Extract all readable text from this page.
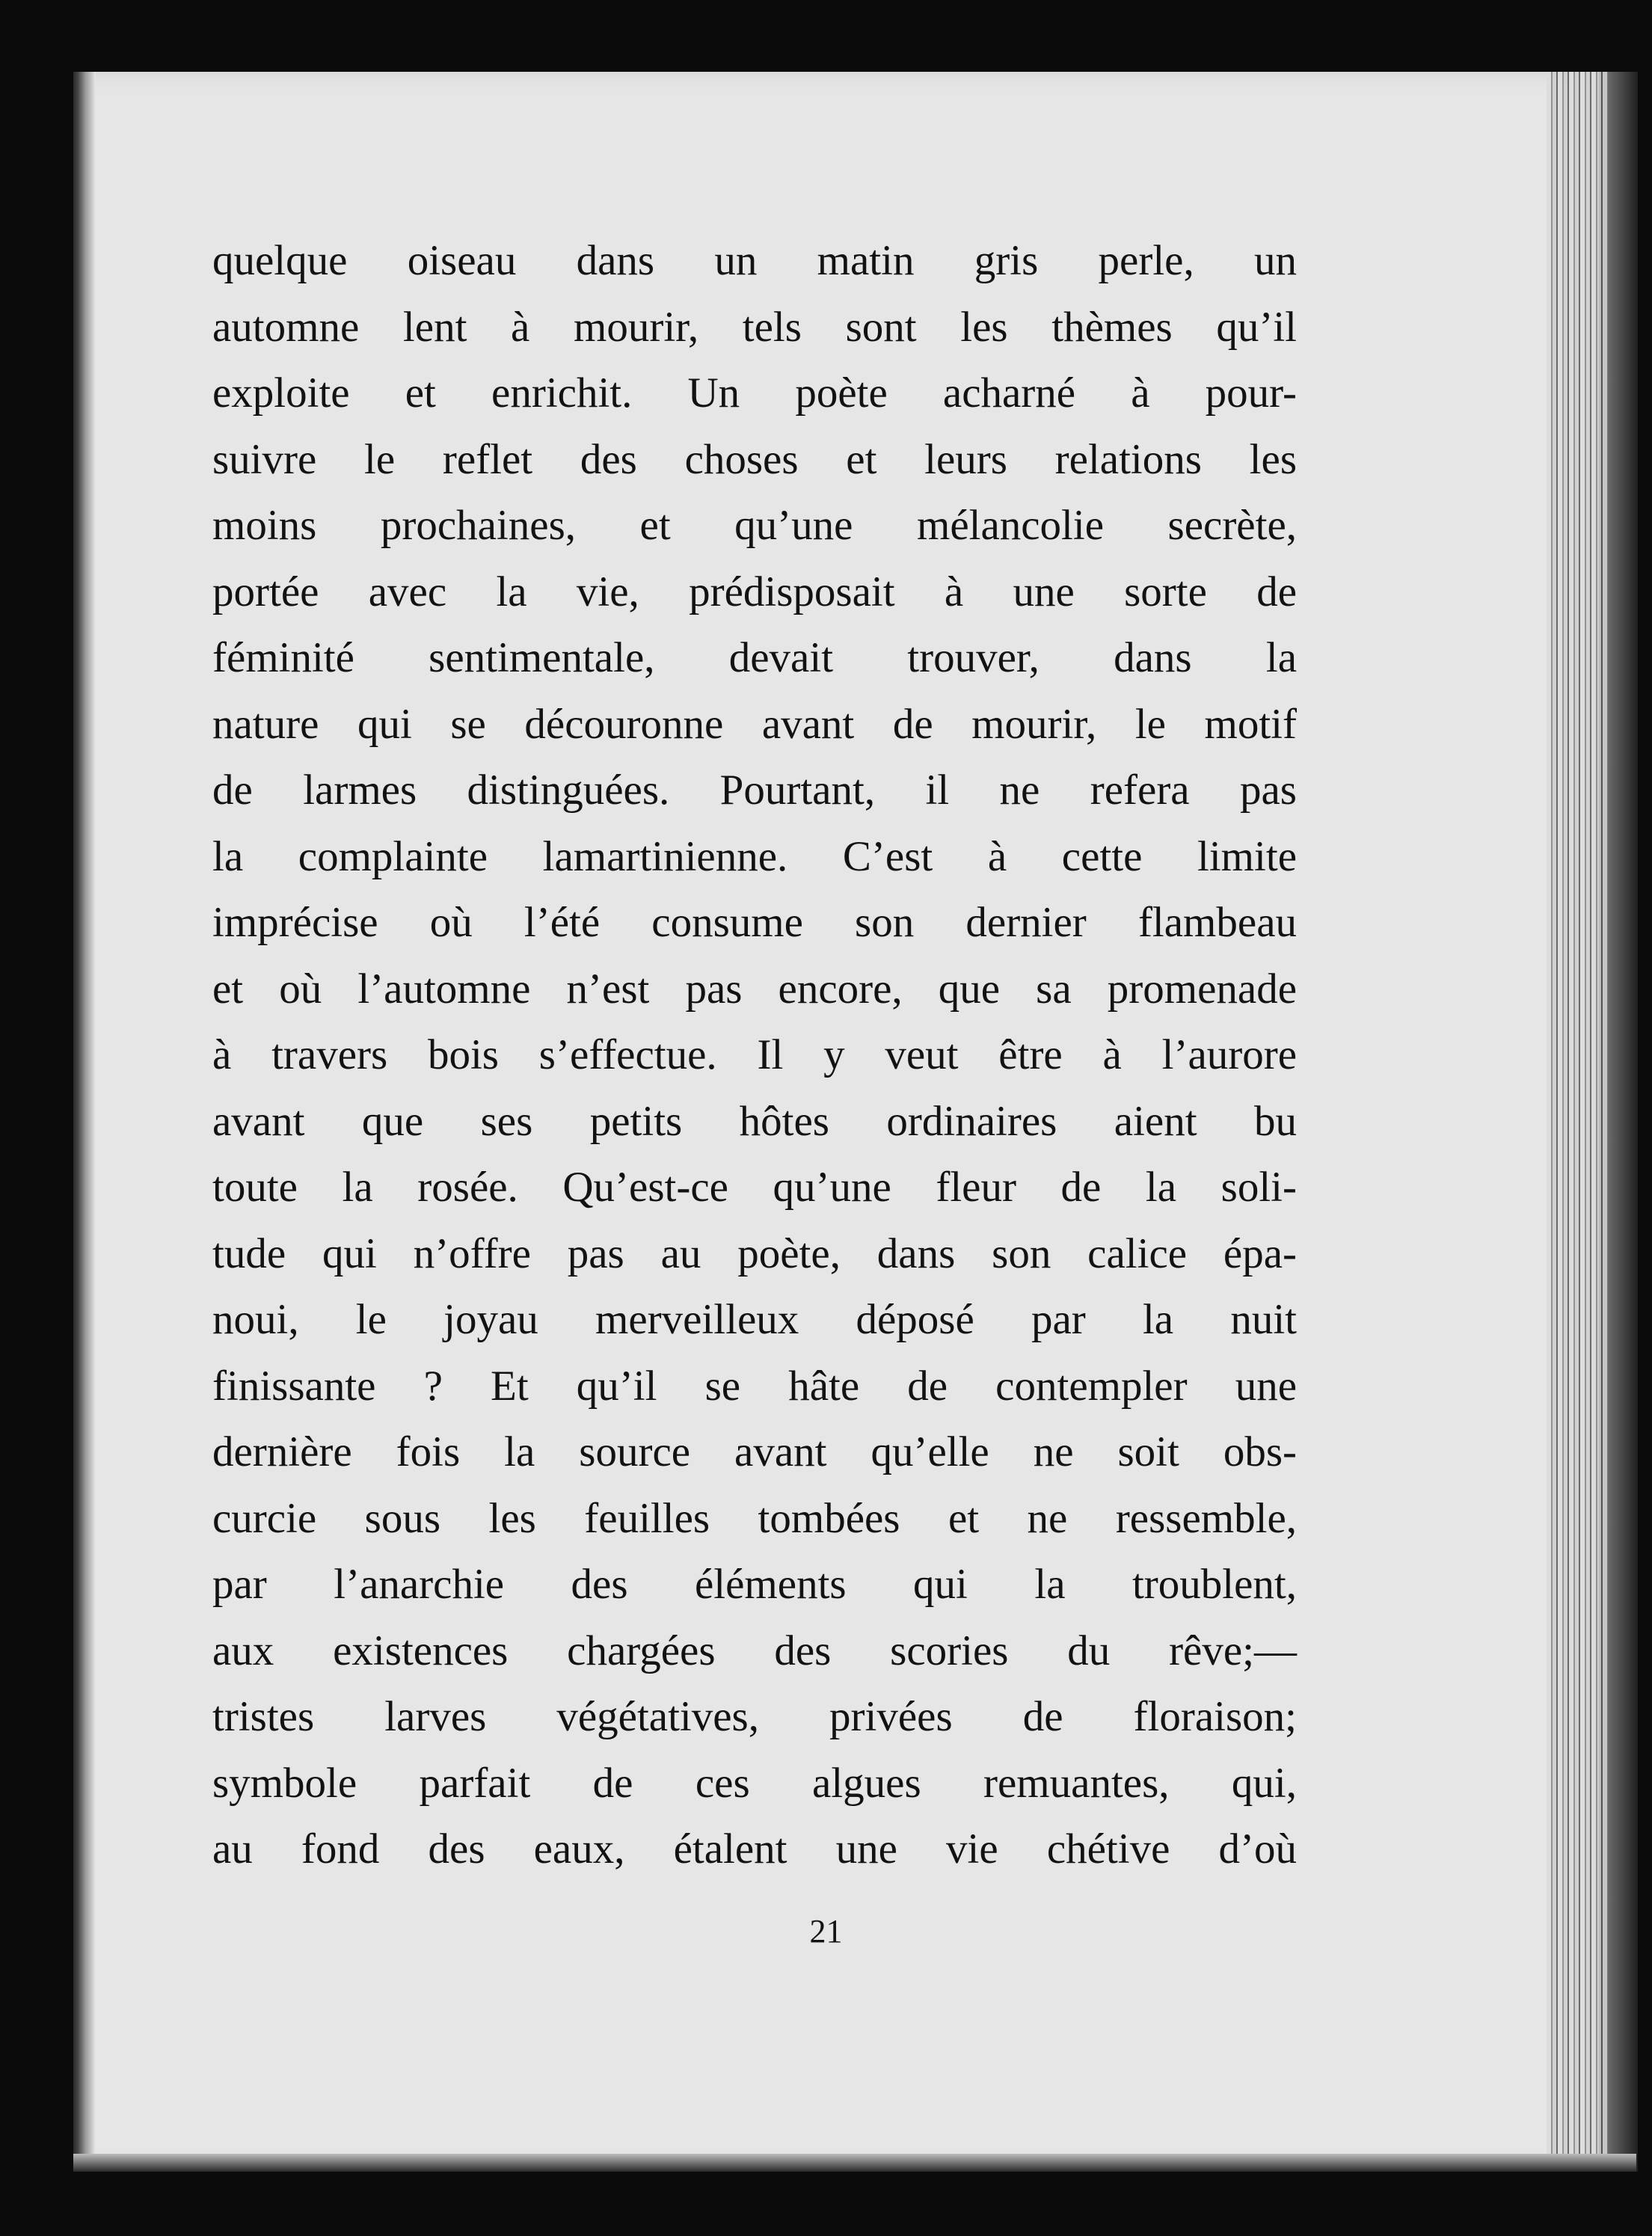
quelque oiseau dans un matin gris perle, un
automne lent à mourir, tels sont les thèmes qu’il
exploite et enrichit. Un poète acharné à pour-
suivre le reflet des choses et leurs relations les
moins prochaines, et qu’une mélancolie secrète,
portée avec la vie, prédisposait à une sorte de
féminité sentimentale, devait trouver, dans la
nature qui se découronne avant de mourir, le motif
de larmes distinguées. Pourtant, il ne refera pas
la complainte lamartinienne. C’est à cette limite
imprécise où l’été consume son dernier flambeau
et où l’automne n’est pas encore, que sa promenade
à travers bois s’effectue. Il y veut être à l’aurore
avant que ses petits hôtes ordinaires aient bu
toute la rosée. Qu’est-ce qu’une fleur de la soli-
tude qui n’offre pas au poète, dans son calice épa-
noui, le joyau merveilleux déposé par la nuit
finissante ? Et qu’il se hâte de contempler une
dernière fois la source avant qu’elle ne soit obs-
curcie sous les feuilles tombées et ne ressemble,
par l’anarchie des éléments qui la troublent,
aux existences chargées des scories du rêve;—
tristes larves végétatives, privées de floraison;
symbole parfait de ces algues remuantes, qui,
au fond des eaux, étalent une vie chétive d’où

21
